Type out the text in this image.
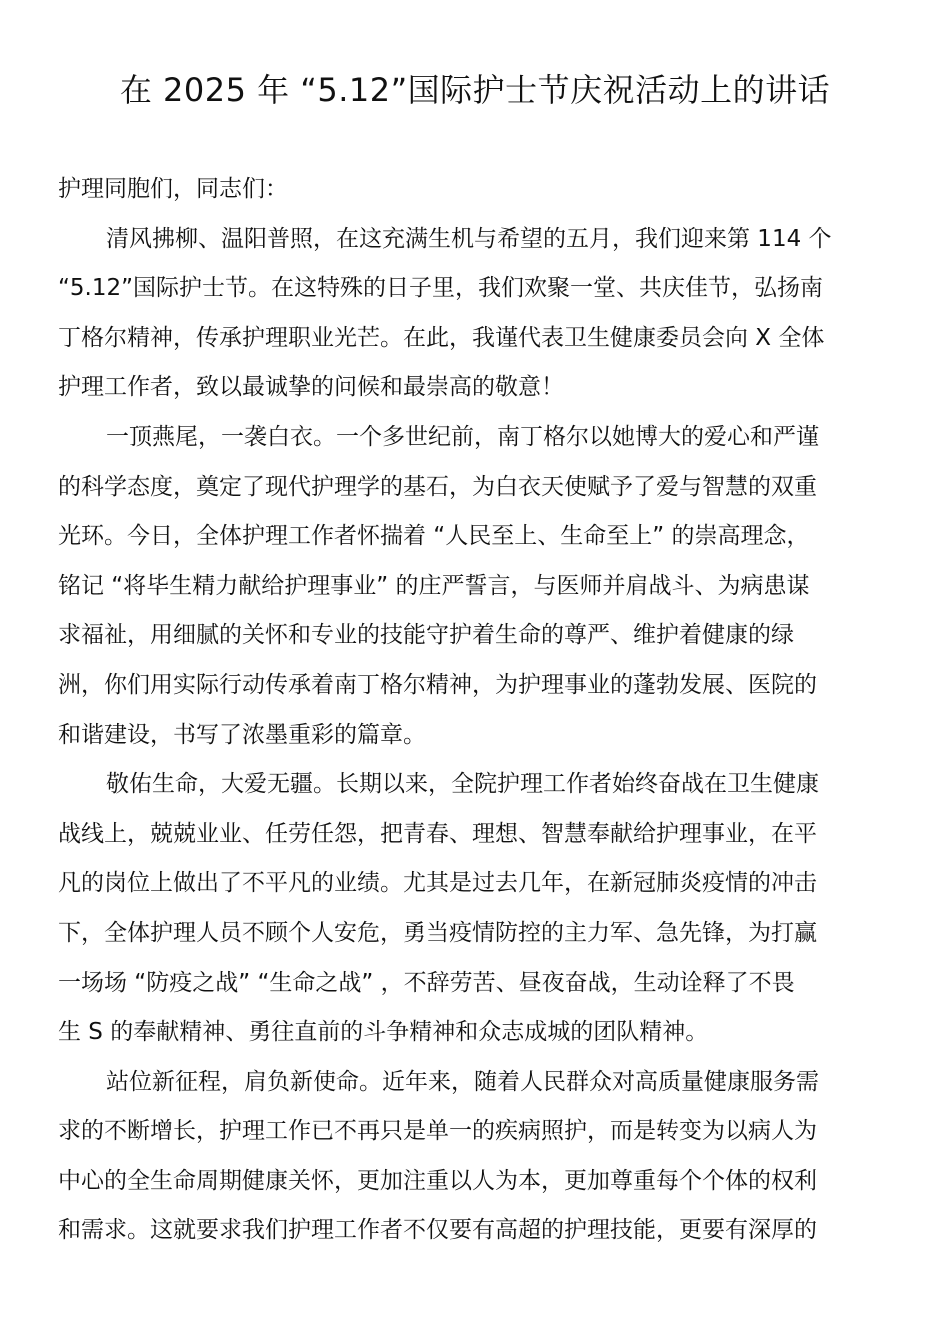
在 2025 年 “5.12”国际护士节庆祝活动上的讲话
护理同胞们，同志们：
清风拂柳、温阳普照，在这充满生机与希望的五月，我们迎来第 114 个
“5.12”国际护士节。在这特殊的日子里，我们欢聚一堂、共庆佳节，弘扬南
丁格尔精神，传承护理职业光芒。在此，我谨代表卫生健康委员会向 X 全体
护理工作者，致以最诚挚的问候和最崇高的敬意！
一顶燕尾，一袭白衣。一个多世纪前，南丁格尔以她博大的爱心和严谨
的科学态度，奠定了现代护理学的基石，为白衣天使赋予了爱与智慧的双重
光环。今日，全体护理工作者怀揣着 “人民至上、生命至上” 的崇高理念，
铭记 “将毕生精力献给护理事业” 的庄严誓言，与医师并肩战斗、为病患谋
求福祉，用细腻的关怀和专业的技能守护着生命的尊严、维护着健康的绿
洲，你们用实际行动传承着南丁格尔精神，为护理事业的蓬勃发展、医院的
和谐建设，书写了浓墨重彩的篇章。
敬佑生命，大爱无疆。长期以来，全院护理工作者始终奋战在卫生健康
战线上，兢兢业业、任劳任怨，把青春、理想、智慧奉献给护理事业，在平
凡的岗位上做出了不平凡的业绩。尤其是过去几年，在新冠肺炎疫情的冲击
下，全体护理人员不顾个人安危，勇当疫情防控的主力军、急先锋，为打赢
一场场 “防疫之战” “生命之战” ，不辞劳苦、昼夜奋战，生动诠释了不畏
生 S 的奉献精神、勇往直前的斗争精神和众志成城的团队精神。
站位新征程，肩负新使命。近年来，随着人民群众对高质量健康服务需
求的不断增长，护理工作已不再只是单一的疾病照护，而是转变为以病人为
中心的全生命周期健康关怀，更加注重以人为本，更加尊重每个个体的权利
和需求。这就要求我们护理工作者不仅要有高超的护理技能，更要有深厚的
